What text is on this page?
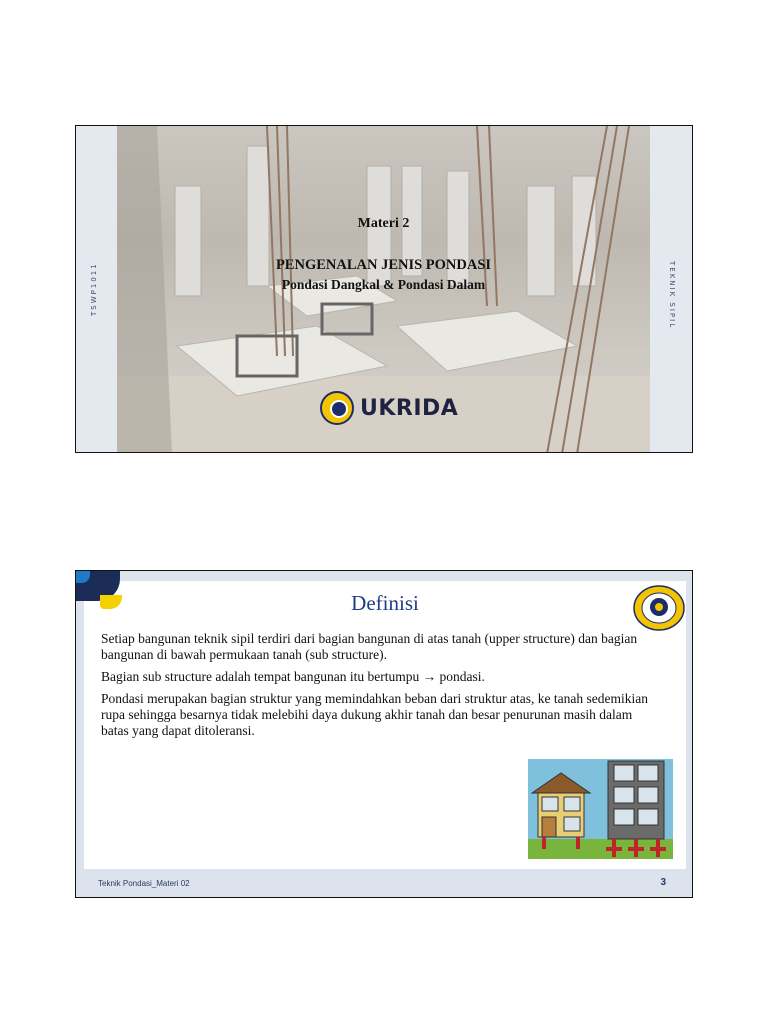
TSWP1011	TEKNIK SIPIL
Materi 2
PENGENALAN JENIS PONDASI
Pondasi Dangkal & Pondasi Dalam
UKRIDA
Definisi

Setiap bangunan teknik sipil terdiri dari bagian bangunan di atas tanah (upper structure) dan bagian bangunan di bawah permukaan tanah (sub structure).

Bagian sub structure adalah tempat bangunan itu bertumpu → pondasi.

Pondasi merupakan bagian struktur yang memindahkan beban dari struktur atas, ke tanah sedemikian rupa sehingga besarnya tidak melebihi daya dukung akhir tanah dan besar penurunan masih dalam batas yang dapat ditoleransi.

Teknik Pondasi_Materi 02	3
